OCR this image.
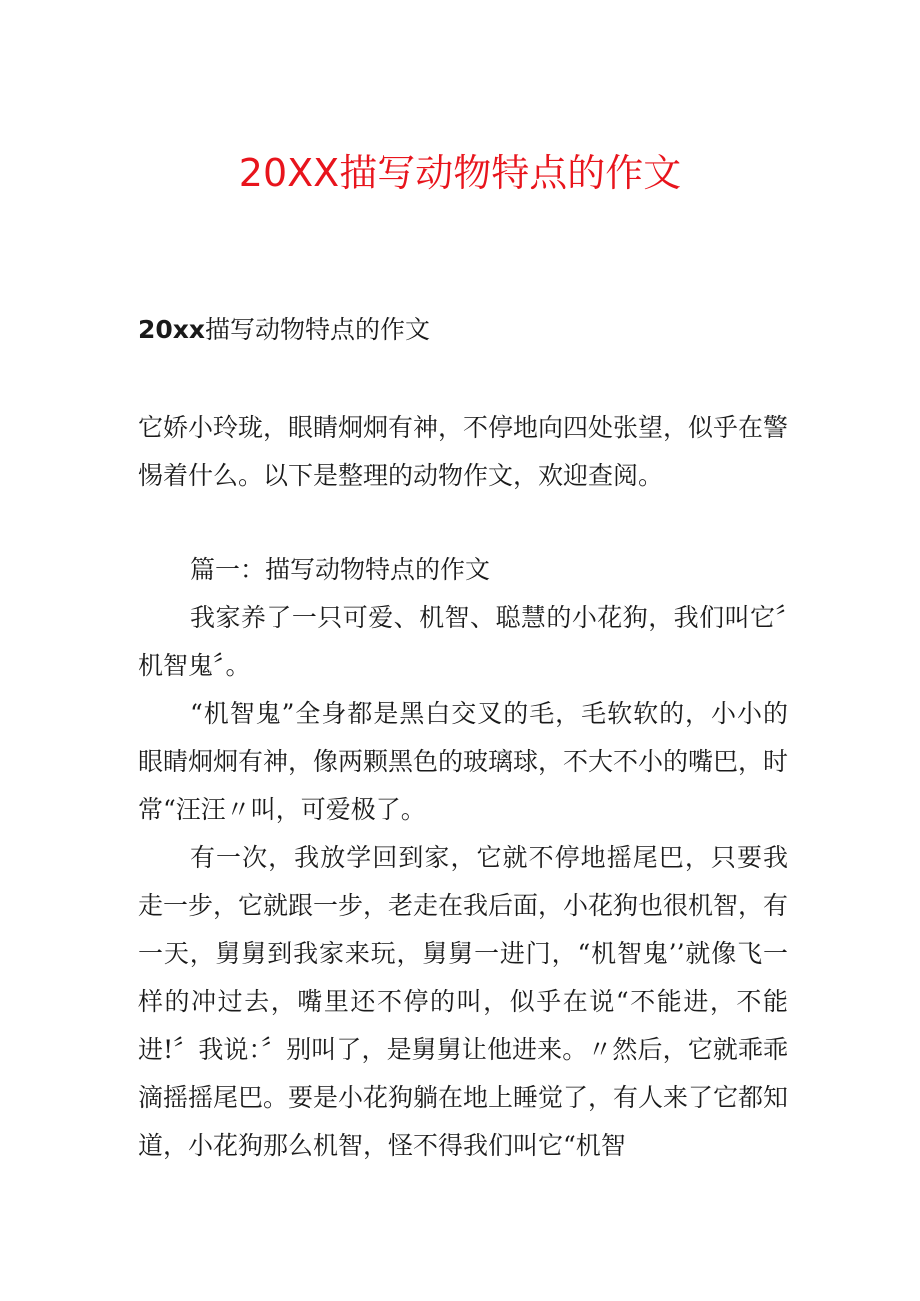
20XX描写动物特点的作文
20xx描写动物特点的作文
它娇小玲珑，眼睛炯炯有神，不停地向四处张望，似乎在警惕着什么。以下是整理的动物作文，欢迎查阅。

篇一：描写动物特点的作文

我家养了一只可爱、机智、聪慧的小花狗，我们叫它〞机智鬼〞。

“机智鬼”全身都是黑白交叉的毛，毛软软的，小小的眼睛炯炯有神，像两颗黑色的玻璃球，不大不小的嘴巴，时常“汪汪〃叫，可爱极了。

有一次，我放学回到家，它就不停地摇尾巴，只要我走一步，它就跟一步，老走在我后面，小花狗也很机智，有一天，舅舅到我家来玩，舅舅一进门，“机智鬼’’就像飞一样的冲过去，嘴里还不停的叫，似乎在说“不能进，不能进!〞我说：〞别叫了，是舅舅让他进来。〃然后，它就乖乖滴摇摇尾巴。要是小花狗躺在地上睡觉了，有人来了它都知道，小花狗那么机智，怪不得我们叫它“机智
